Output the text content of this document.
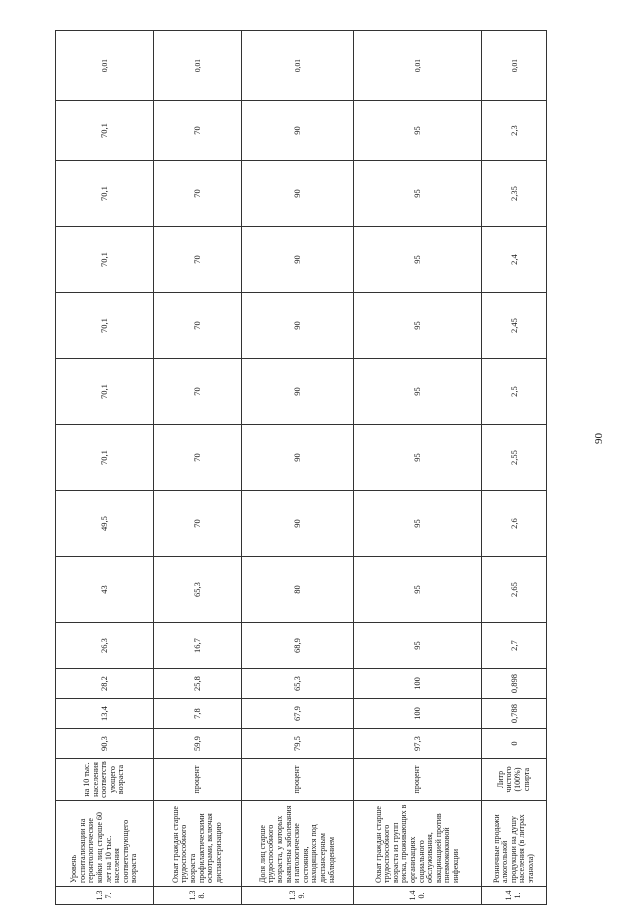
1.37.	Уровень госпитализации на геронтологические койки лиц старше 60 лет на 10 тыс. населения соответствующего возраста	на 10 тыс. населения соответствующего возраста	90,3	13,4	28,2	26,3	43	49,5	70,1	70,1	70,1	70,1	70,1	70,1	0,01
1.38.	Охват граждан старше трудоспособного возраста профилактическими осмотрами, включая диспансеризацию	процент	59,9	7,8	25,8	16,7	65,3	70	70	70	70	70	70	70	0,01
1.39.	Доля лиц старше трудоспособного возраста, у которых выявлены заболевания и патологические состояния, находящихся под диспансерным наблюдением	процент	79,5	67,9	65,3	68,9	80	90	90	90	90	90	90	90	0,01
1.40.	Охват граждан старше трудоспособного возраста из групп риска, проживающих в организациях социального обслуживания, вакцинацией против пневмококковой инфекции	процент	97,3	100	100	95	95	95	95	95	95	95	95	95	0,01
1.41.	Розничные продажи алкогольной продукции на душу населения (в литрах этанола)	Литр чистого (100%) спирта	0	0,788	0,898	2,7	2,65	2,6	2,55	2,5	2,45	2,4	2,35	2,3	0,01
90
